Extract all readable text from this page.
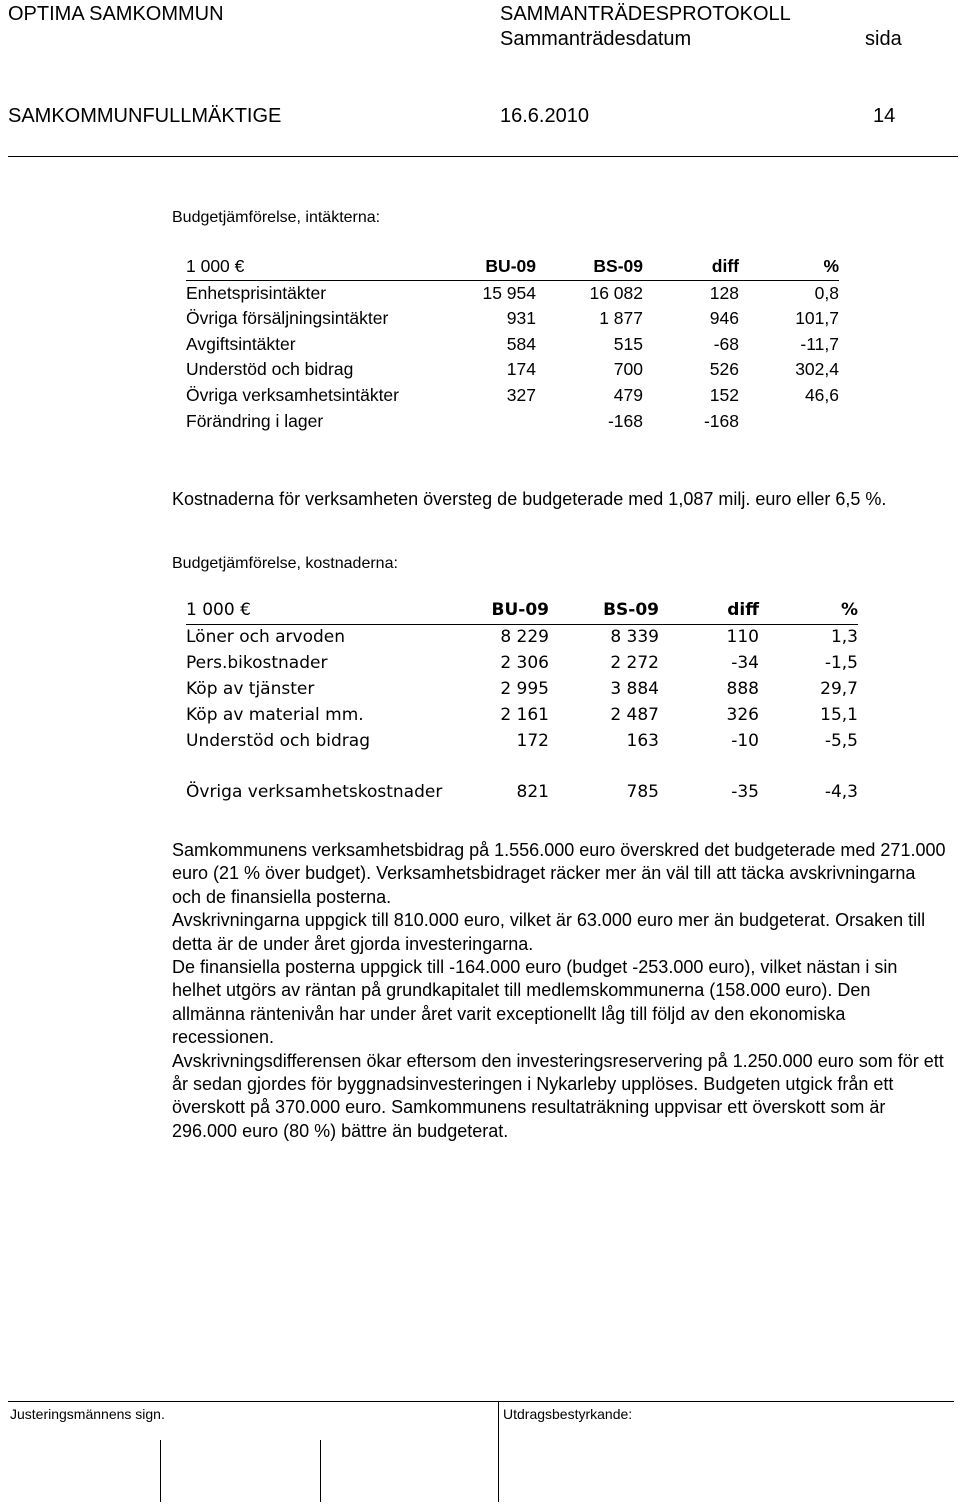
OPTIMA SAMKOMMUN	SAMMANTRÄDESPROTOKOLL
Sammanträdesdatum	sida
SAMKOMMUNFULLMÄKTIGE	16.6.2010	14
Budgetjämförelse, intäkterna:
1 000 €	BU-09	BS-09	diff	%
Enhetsprisintäkter	15 954	16 082	128	0,8
Övriga försäljningsintäkter	931	1 877	946	101,7
Avgiftsintäkter	584	515	-68	-11,7
Understöd och bidrag	174	700	526	302,4
Övriga verksamhetsintäkter	327	479	152	46,6
Förändring i lager		-168	-168	
Kostnaderna för verksamheten översteg de budgeterade med 1,087 milj. euro eller 6,5 %.
Budgetjämförelse, kostnaderna:
1 000 €	BU-09	BS-09	diff	%
Löner och arvoden	8 229	8 339	110	1,3
Pers.bikostnader	2 306	2 272	-34	-1,5
Köp av tjänster	2 995	3 884	888	29,7
Köp av material mm.	2 161	2 487	326	15,1
Understöd och bidrag	172	163	-10	-5,5
Övriga verksamhetskostnader	821	785	-35	-4,3

Samkommunens verksamhetsbidrag på 1.556.000 euro överskred det budgeterade med 271.000 euro (21 % över budget). Verksamhetsbidraget räcker mer än väl till att täcka avskrivningarna och de finansiella posterna.

Avskrivningarna uppgick till 810.000 euro, vilket är 63.000 euro mer än budgeterat. Orsaken till detta är de under året gjorda investeringarna.

De finansiella posterna uppgick till -164.000 euro (budget -253.000 euro), vilket nästan i sin helhet utgörs av räntan på grundkapitalet till medlemskommunerna (158.000 euro). Den allmänna räntenivån har under året varit exceptionellt låg till följd av den ekonomiska recessionen.

Avskrivningsdifferensen ökar eftersom den investeringsreservering på 1.250.000 euro som för ett år sedan gjordes för byggnadsinvesteringen i Nykarleby upplöses. Budgeten utgick från ett överskott på 370.000 euro. Samkommunens resultaträkning uppvisar ett överskott som är 296.000 euro (80 %) bättre än budgeterat.

Justeringsmännens sign.	Utdragsbestyrkande:
